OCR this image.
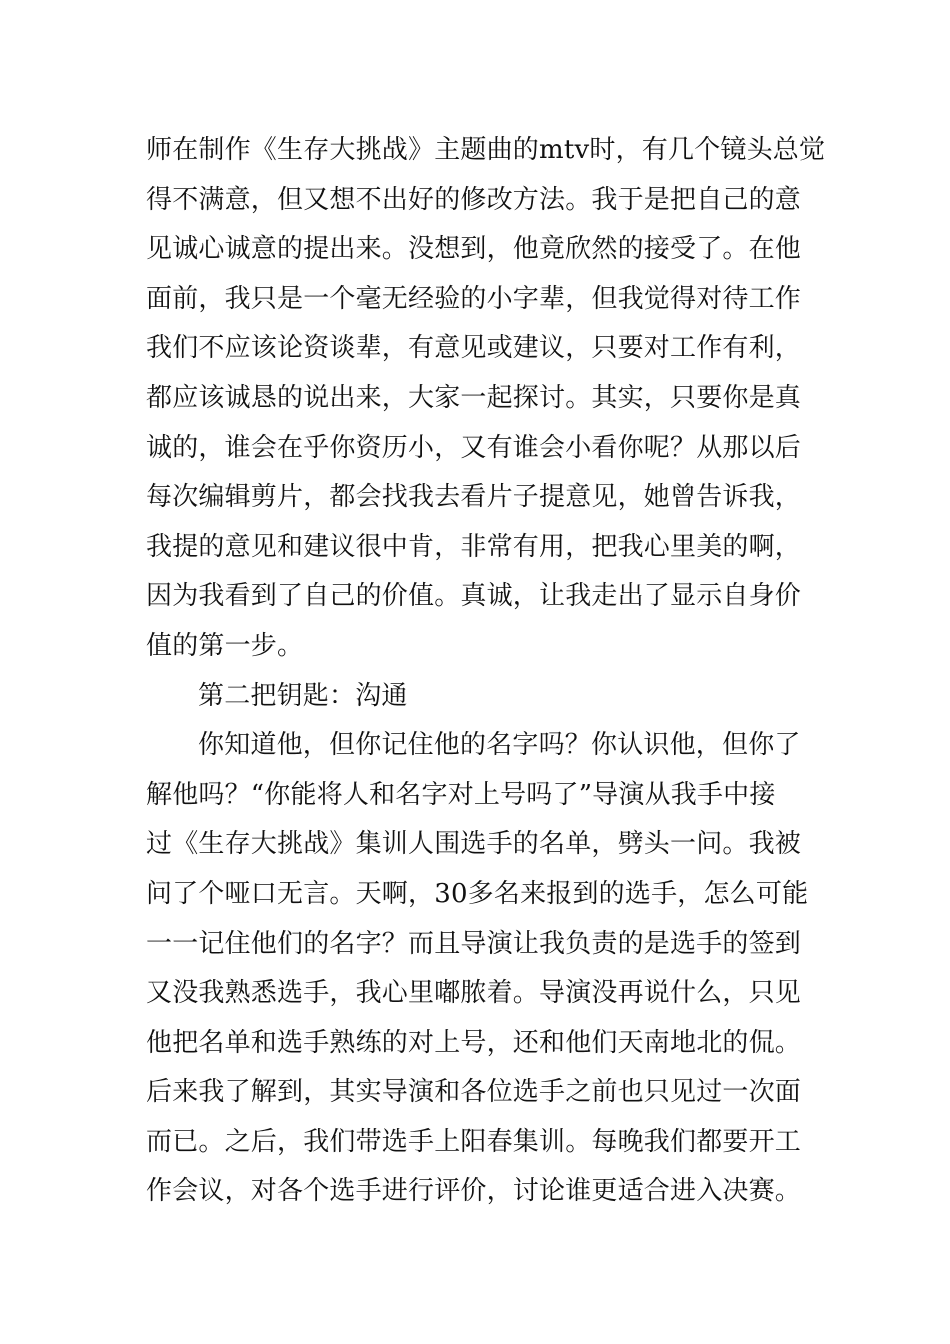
师在制作《生存大挑战》主题曲的mtv时，有几个镜头总觉
得不满意，但又想不出好的修改方法。我于是把自己的意
见诚心诚意的提出来。没想到，他竟欣然的接受了。在他
面前，我只是一个毫无经验的小字辈，但我觉得对待工作
我们不应该论资谈辈，有意见或建议，只要对工作有利，
都应该诚恳的说出来，大家一起探讨。其实，只要你是真
诚的，谁会在乎你资历小，又有谁会小看你呢？从那以后
每次编辑剪片，都会找我去看片子提意见，她曾告诉我，
我提的意见和建议很中肯，非常有用，把我心里美的啊，
因为我看到了自己的价值。真诚，让我走出了显示自身价
值的第一步。
第二把钥匙：沟通
你知道他，但你记住他的名字吗？你认识他，但你了
解他吗？“你能将人和名字对上号吗了”导演从我手中接
过《生存大挑战》集训人围选手的名单，劈头一问。我被
问了个哑口无言。天啊，30多名来报到的选手，怎么可能
一一记住他们的名字？而且导演让我负责的是选手的签到
又没我熟悉选手，我心里嘟脓着。导演没再说什么，只见
他把名单和选手熟练的对上号，还和他们天南地北的侃。
后来我了解到，其实导演和各位选手之前也只见过一次面
而已。之后，我们带选手上阳春集训。每晚我们都要开工
作会议，对各个选手进行评价，讨论谁更适合进入决赛。
